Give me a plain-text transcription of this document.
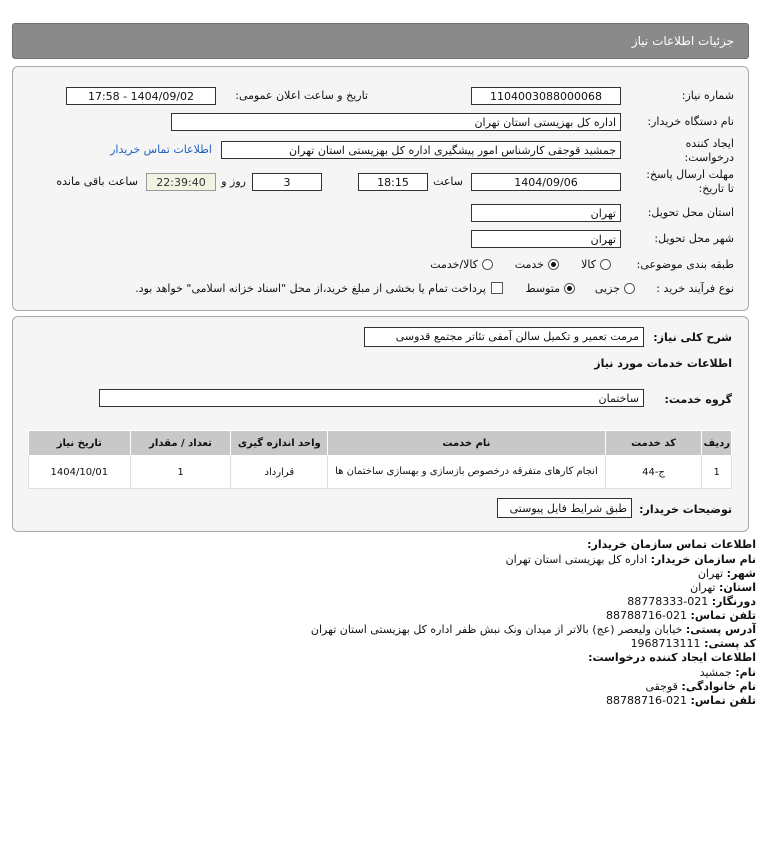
جزئیات اطلاعات نیاز
شماره نیاز:
1104003088000068
تاریخ و ساعت اعلان عمومی:
1404/09/02 - 17:58
نام دستگاه خریدار:
اداره کل بهزیستی استان تهران
ایجاد کننده
درخواست:
جمشید قوجقی کارشناس امور پیشگیری اداره کل بهزیستی استان تهران
اطلاعات تماس خریدار
مهلت ارسال پاسخ:
تا تاریخ:
1404/09/06
ساعت
18:15
3
روز و
22:39:40
ساعت باقی مانده
استان محل تحویل:
تهران
شهر محل تحویل:
تهران
طبقه بندی موضوعی:
کالا
خدمت
کالا/خدمت
نوع فرآیند خرید :
جزیی
متوسط
پرداخت تمام یا بخشی از مبلغ خرید،از محل "اسناد خزانه اسلامی" خواهد بود.
شرح کلی نیاز:
مرمت تعمیر و تکمیل سالن آمفی تئاتر مجتمع قدوسی
اطلاعات خدمات مورد نیاز
گروه خدمت:
ساختمان
ردیف	کد خدمت	نام خدمت	واحد اندازه گیری	تعداد / مقدار	تاریخ نیاز
1	ج-44	انجام کارهای متفرقه درخصوص بازسازی و بهسازی ساختمان ها	قرارداد	1	1404/10/01
توضیحات خریدار:
طبق شرایط فایل پیوستی
اطلاعات تماس سازمان خریدار:
نام سازمان خریدار: اداره کل بهزیستی استان تهران
شهر: تهران
استان: تهران
دورنگار: 021-88778333
تلفن تماس: 021-88788716
آدرس پستی: خیابان ولیعصر (عج) بالاتر از میدان ونک نبش ظفر اداره کل بهزیستی استان تهران
کد پستی: 1968713111
اطلاعات ایجاد کننده درخواست:
نام: جمشید
نام خانوادگی: قوجقی
تلفن تماس: 021-88788716
